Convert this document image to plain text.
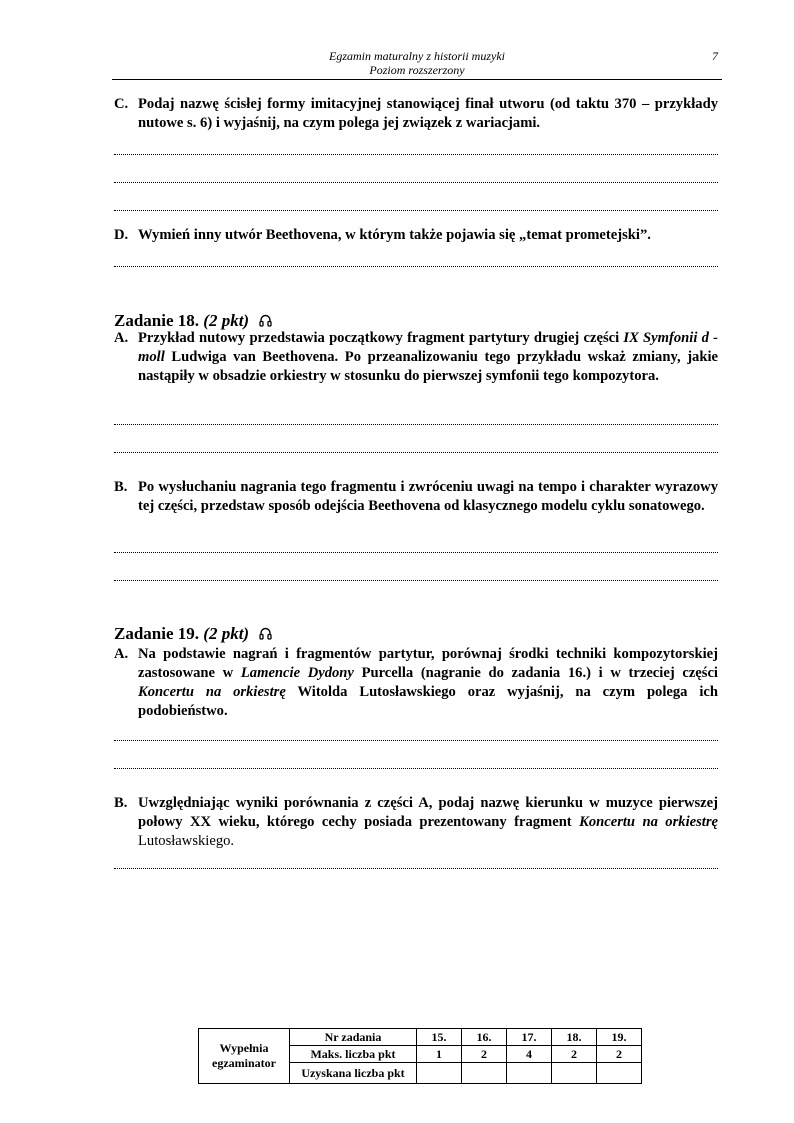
Egzamin maturalny z historii muzyki
Poziom rozszerzony
7
C. Podaj nazwę ścisłej formy imitacyjnej stanowiącej finał utworu (od taktu 370 – przykłady nutowe s. 6) i wyjaśnij, na czym polega jej związek z wariacjami.
D. Wymień inny utwór Beethovena, w którym także pojawia się „temat prometejski”.
Zadanie 18. (2 pkt)
A. Przykład nutowy przedstawia początkowy fragment partytury drugiej części IX Symfonii d - moll Ludwiga van Beethovena. Po przeanalizowaniu tego przykładu wskaż zmiany, jakie nastąpiły w obsadzie orkiestry w stosunku do pierwszej symfonii tego kompozytora.
B. Po wysłuchaniu nagrania tego fragmentu i zwróceniu uwagi na tempo i charakter wyrazowy tej części, przedstaw sposób odejścia Beethovena od klasycznego modelu cyklu sonatowego.
Zadanie 19. (2 pkt)
A. Na podstawie nagrań i fragmentów partytur, porównaj środki techniki kompozytorskiej zastosowane w Lamencie Dydony Purcella (nagranie do zadania 16.) i w trzeciej części Koncertu na orkiestrę Witolda Lutosławskiego oraz wyjaśnij, na czym polega ich podobieństwo.
B. Uwzględniając wyniki porównania z części A, podaj nazwę kierunku w muzyce pierwszej połowy XX wieku, którego cechy posiada prezentowany fragment Koncertu na orkiestrę Lutosławskiego.
Wypełnia
egzaminator	Nr zadania	15.	16.	17.	18.	19.
	Maks. liczba pkt	1	2	4	2	2
	Uzyskana liczba pkt					
